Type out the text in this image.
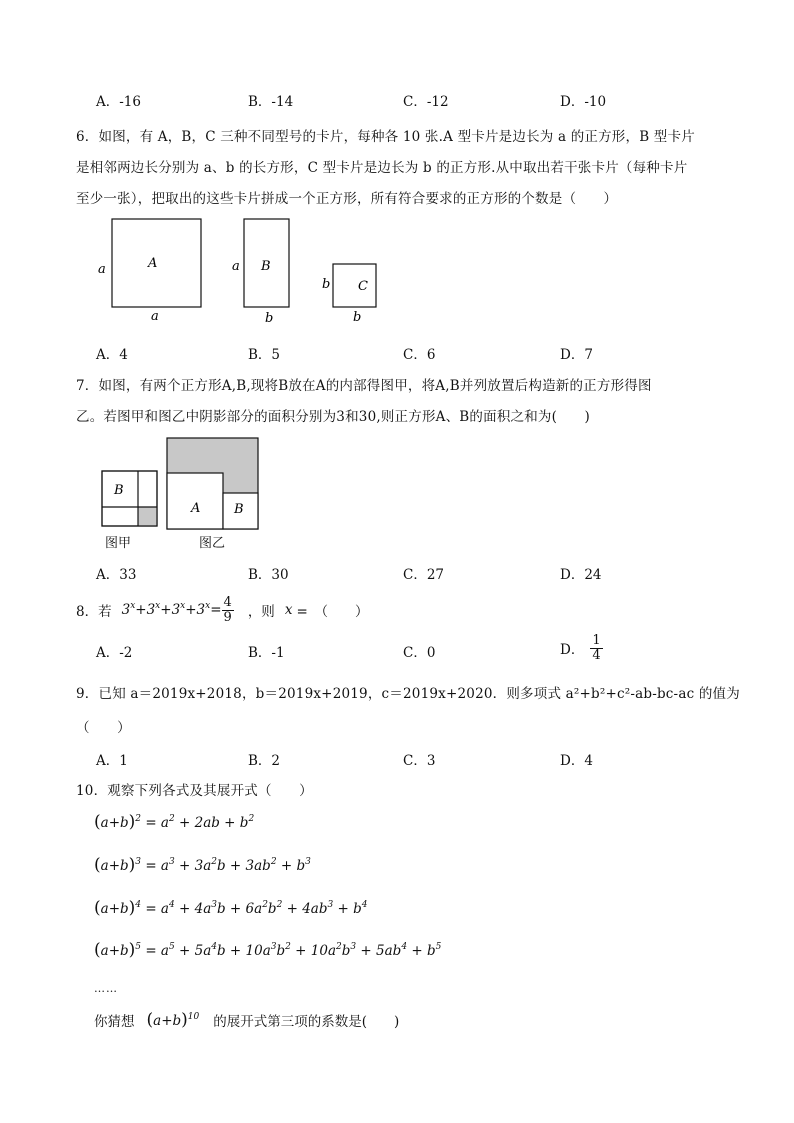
A．-16	B．-14	C．-12	D．-10
6．如图，有 A，B，C 三种不同型号的卡片，每种各 10 张.A 型卡片是边长为 a 的正方形，B 型卡片
是相邻两边长分别为 a、b 的长方形，C 型卡片是边长为 b 的正方形.从中取出若干张卡片（每种卡片
至少一张），把取出的这些卡片拼成一个正方形，所有符合要求的正方形的个数是（　　）
A
a
a
B
a
b
C
b
b
A．4	B．5	C．6	D．7
7．如图，有两个正方形A,B,现将B放在A的内部得图甲，将A,B并列放置后构造新的正方形得图
乙。若图甲和图乙中阴影部分的面积分别为3和30,则正方形A、B的面积之和为(　　)
B
A	B
图甲	图乙
A．33	B．30	C．27	D．24
8．若 $3^x+3^x+3^x+3^x= \frac{4}{9}$ ，则 x =　（　　）
A．-2	B．-1	C．0	D． $\frac{1}{4}$
9．已知 a＝2019x+2018，b＝2019x+2019，c＝2019x+2020．则多项式 a²+b²+c²-ab-bc-ac 的值为
（　　）
A．1	B．2	C．3	D．4
10．观察下列各式及其展开式（　　）
$(a+b)^2 = a^2 + 2ab + b^2$
$(a+b)^3 = a^3 + 3a^2b + 3ab^2 + b^3$
$(a+b)^4 = a^4 + 4a^3b + 6a^2b^2 + 4ab^3 + b^4$
$(a+b)^5 = a^5 + 5a^4b + 10a^3b^2 + 10a^2b^3 + 5ab^4 + b^5$
……
你猜想 $(a+b)^{10}$ 的展开式第三项的系数是(　　)
